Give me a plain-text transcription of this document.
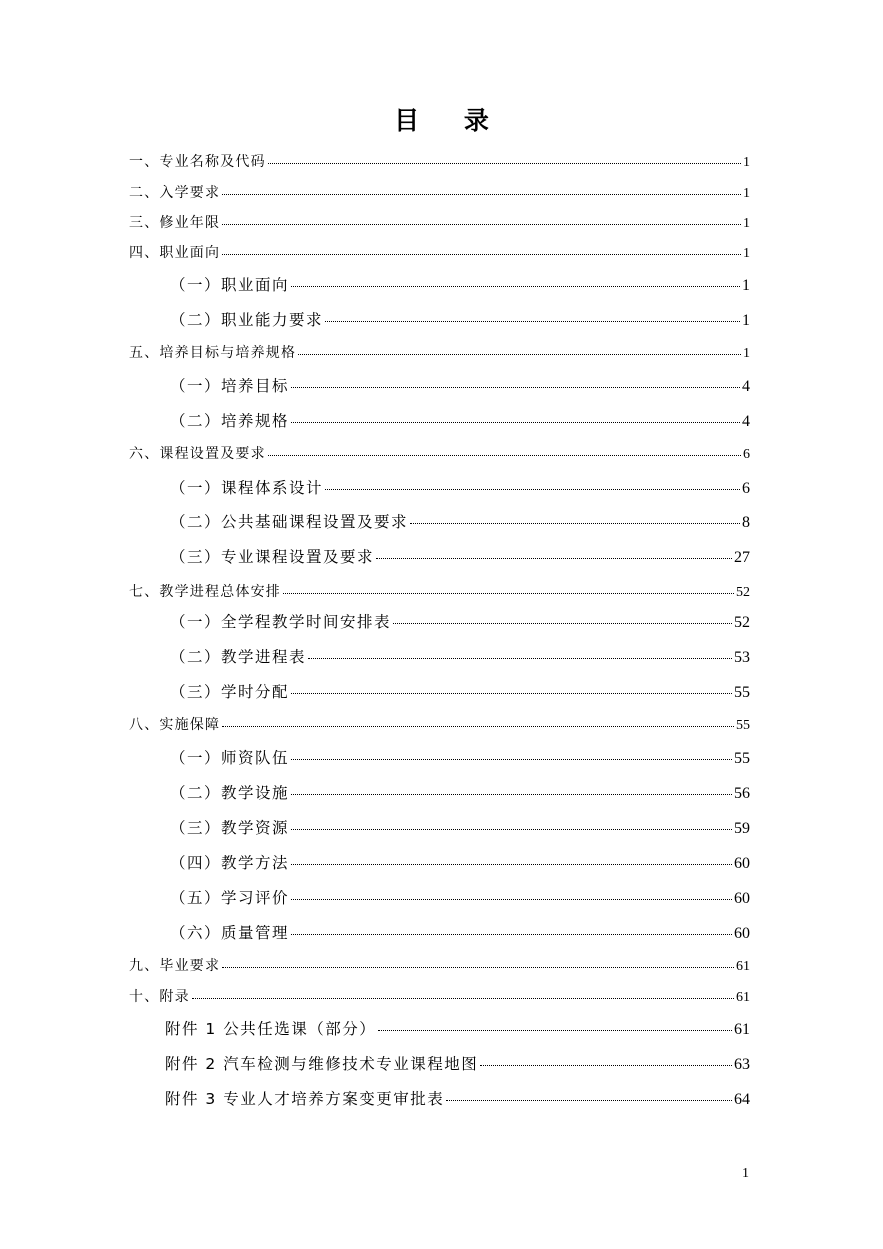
目 录
一、专业名称及代码	1
二、入学要求	1
三、修业年限	1
四、职业面向	1
（一）职业面向	1
（二）职业能力要求	1
五、培养目标与培养规格	1
（一）培养目标	4
（二）培养规格	4
六、课程设置及要求	6
（一）课程体系设计	6
（二）公共基础课程设置及要求	8
（三）专业课程设置及要求	27
七、教学进程总体安排	52
（一）全学程教学时间安排表	52
（二）教学进程表	53
（三）学时分配	55
八、实施保障	55
（一）师资队伍	55
（二）教学设施	56
（三）教学资源	59
（四）教学方法	60
（五）学习评价	60
（六）质量管理	60
九、毕业要求	61
十、附录	61
附件 1 公共任选课（部分）	61
附件 2 汽车检测与维修技术专业课程地图	63
附件 3 专业人才培养方案变更审批表	64
1
